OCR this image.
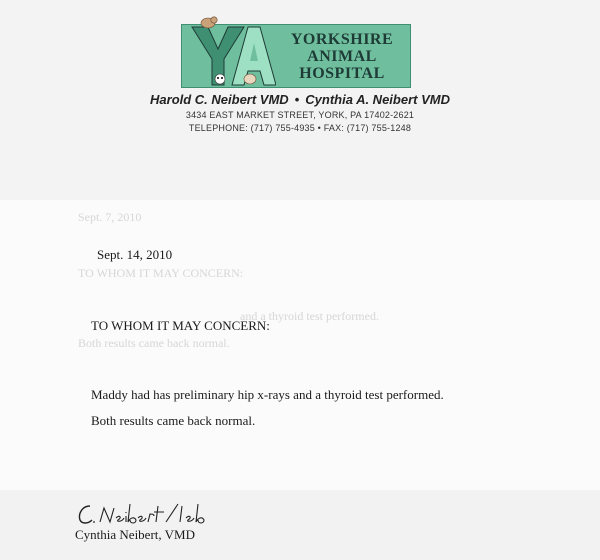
YORKSHIRE
ANIMAL
HOSPITAL
Harold C. Neibert VMD • Cynthia A. Neibert VMD
3434 EAST MARKET STREET, YORK, PA 17402-2621
TELEPHONE: (717) 755-4935 • FAX: (717) 755-1248
Sept. 7, 2010
TO WHOM IT MAY CONCERN:
and a thyroid test performed.
Both results came back normal.
Sept. 14, 2010
TO WHOM IT MAY CONCERN:
Maddy had has preliminary hip x-rays and a thyroid test performed.
Both results came back normal.
Cynthia Neibert, VMD
